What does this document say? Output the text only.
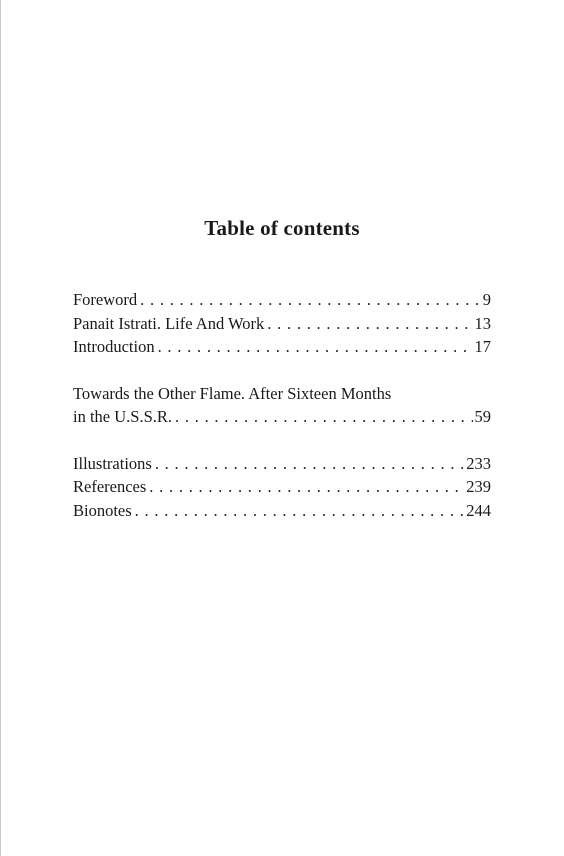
Table of contents
Foreword . . .	9
Panait Istrati. Life And Work . . .	13
Introduction . . .	17
Towards the Other Flame. After Sixteen Months
in the U.S.S.R. . . .	59
Illustrations . . .	233
References . . .	239
Bionotes . . .	244
